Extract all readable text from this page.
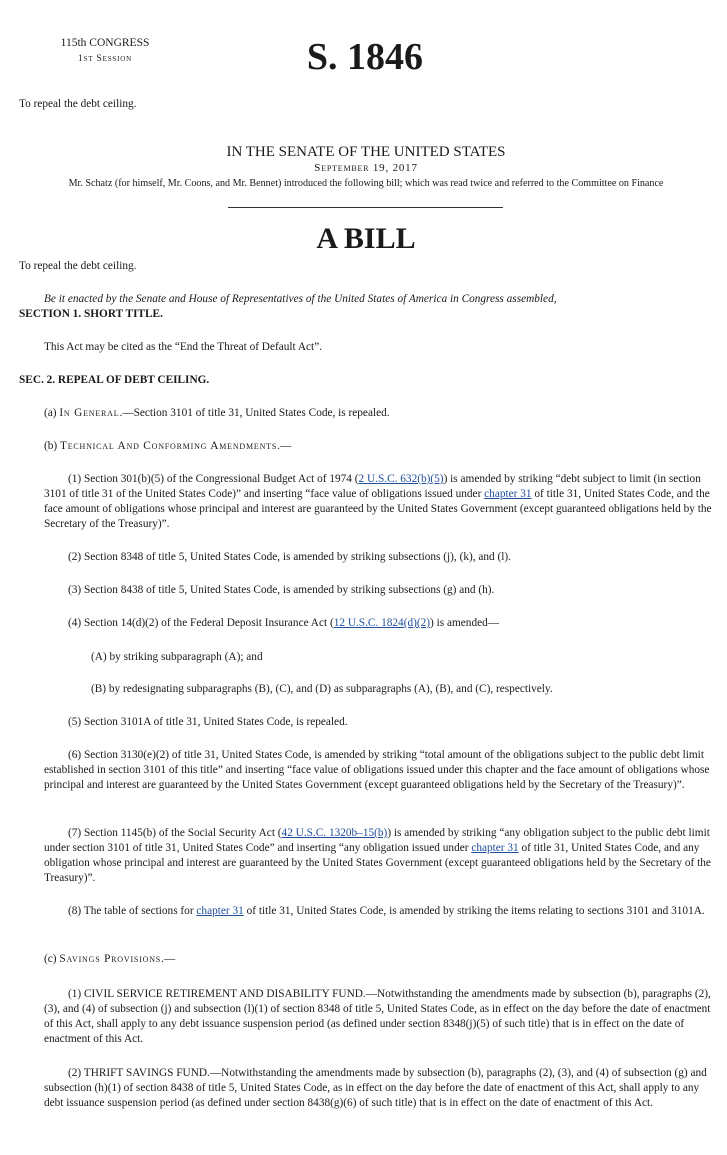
115th CONGRESS
1st Session	S. 1846

To repeal the debt ceiling.

IN THE SENATE OF THE UNITED STATES
September 19, 2017
Mr. Schatz (for himself, Mr. Coons, and Mr. Bennet) introduced the following bill; which was read twice and referred to the Committee on Finance
A BILL

To repeal the debt ceiling.

Be it enacted by the Senate and House of Representatives of the United States of America in Congress assembled,

SECTION 1. SHORT TITLE.

This Act may be cited as the “End the Threat of Default Act”.

SEC. 2. REPEAL OF DEBT CEILING.

(a) In General.—Section 3101 of title 31, United States Code, is repealed.

(b) Technical And Conforming Amendments.—

(1) Section 301(b)(5) of the Congressional Budget Act of 1974 (2 U.S.C. 632(b)(5)) is amended by striking “debt subject to limit (in section 3101 of title 31 of the United States Code)” and inserting “face value of obligations issued under chapter 31 of title 31, United States Code, and the face amount of obligations whose principal and interest are guaranteed by the United States Government (except guaranteed obligations held by the Secretary of the Treasury)”.

(2) Section 8348 of title 5, United States Code, is amended by striking subsections (j), (k), and (l).

(3) Section 8438 of title 5, United States Code, is amended by striking subsections (g) and (h).

(4) Section 14(d)(2) of the Federal Deposit Insurance Act (12 U.S.C. 1824(d)(2)) is amended—

(A) by striking subparagraph (A); and

(B) by redesignating subparagraphs (B), (C), and (D) as subparagraphs (A), (B), and (C), respectively.

(5) Section 3101A of title 31, United States Code, is repealed.

(6) Section 3130(e)(2) of title 31, United States Code, is amended by striking “total amount of the obligations subject to the public debt limit established in section 3101 of this title” and inserting “face value of obligations issued under this chapter and the face amount of obligations whose principal and interest are guaranteed by the United States Government (except guaranteed obligations held by the Secretary of the Treasury)”.

(7) Section 1145(b) of the Social Security Act (42 U.S.C. 1320b–15(b)) is amended by striking “any obligation subject to the public debt limit under section 3101 of title 31, United States Code” and inserting “any obligation issued under chapter 31 of title 31, United States Code, and any obligation whose principal and interest are guaranteed by the United States Government (except guaranteed obligations held by the Secretary of the Treasury)”.

(8) The table of sections for chapter 31 of title 31, United States Code, is amended by striking the items relating to sections 3101 and 3101A.

(c) Savings Provisions.—

(1) CIVIL SERVICE RETIREMENT AND DISABILITY FUND.—Notwithstanding the amendments made by subsection (b), paragraphs (2), (3), and (4) of subsection (j) and subsection (l)(1) of section 8348 of title 5, United States Code, as in effect on the day before the date of enactment of this Act, shall apply to any debt issuance suspension period (as defined under section 8348(j)(5) of such title) that is in effect on the date of enactment of this Act.

(2) THRIFT SAVINGS FUND.—Notwithstanding the amendments made by subsection (b), paragraphs (2), (3), and (4) of subsection (g) and subsection (h)(1) of section 8438 of title 5, United States Code, as in effect on the day before the date of enactment of this Act, shall apply to any debt issuance suspension period (as defined under section 8438(g)(6) of such title) that is in effect on the date of enactment of this Act.
